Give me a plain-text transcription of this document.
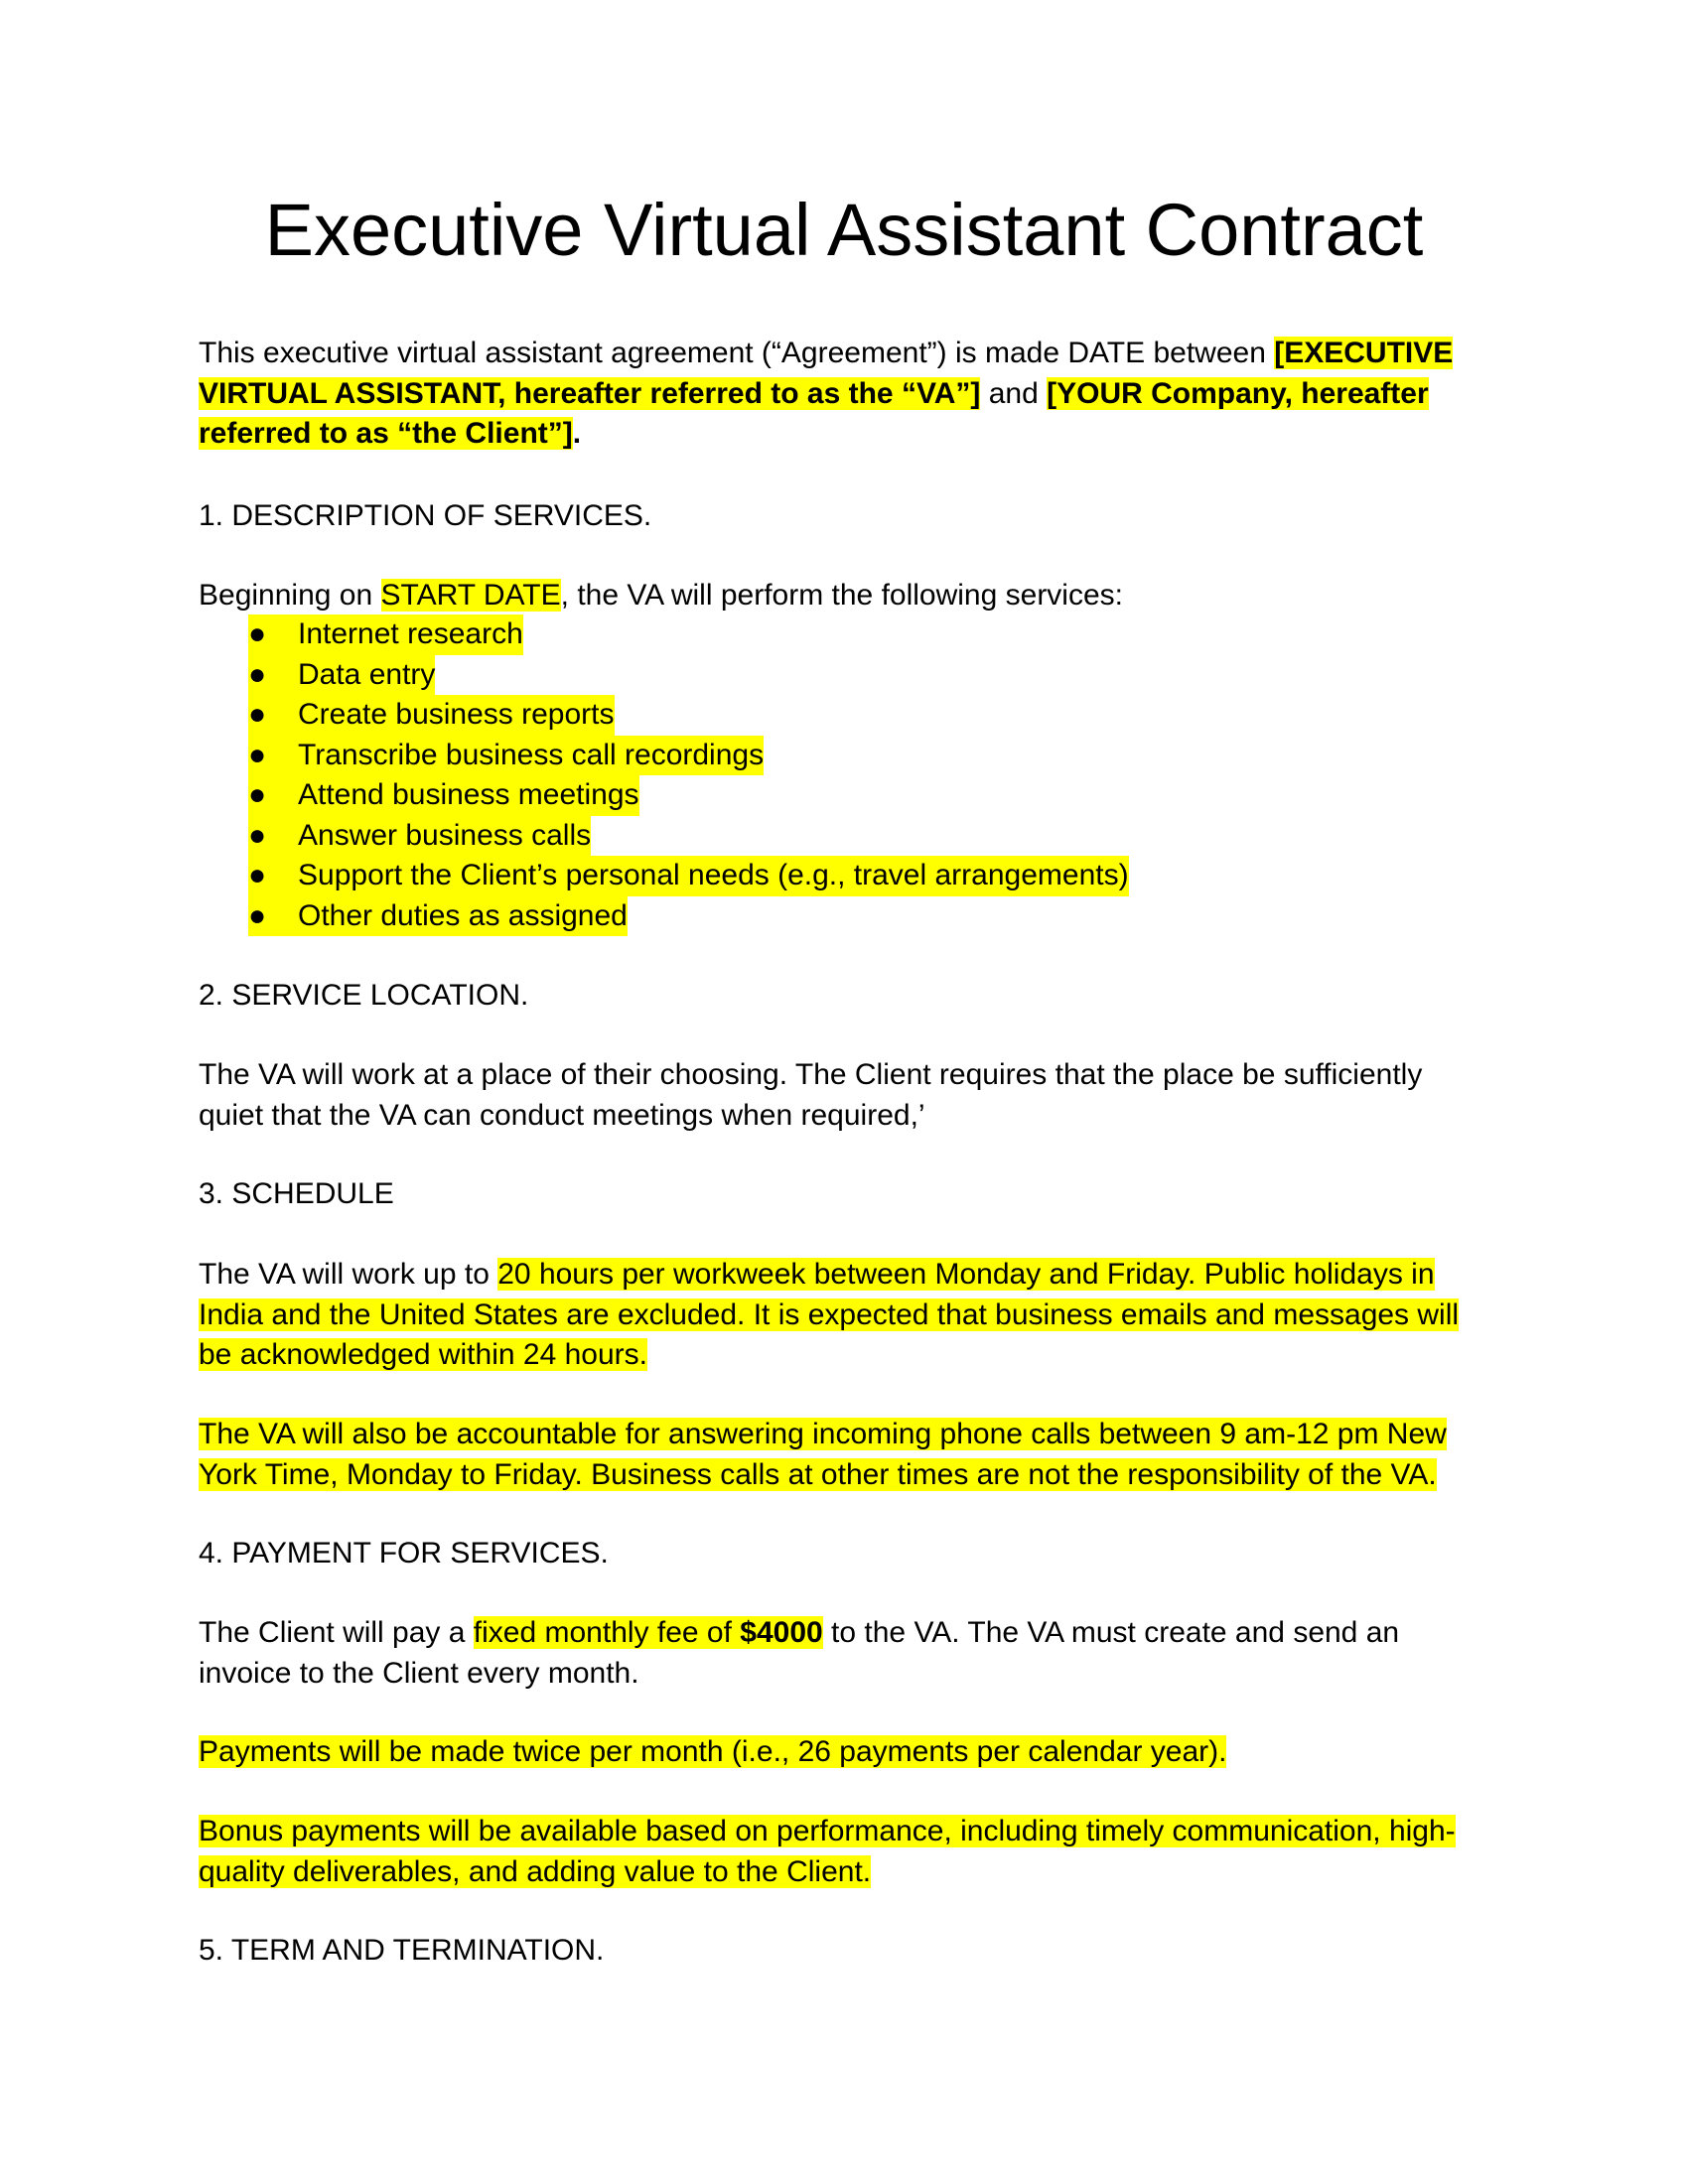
Executive Virtual Assistant Contract

This executive virtual assistant agreement (“Agreement”) is made DATE between [EXECUTIVE VIRTUAL ASSISTANT, hereafter referred to as the “VA”] and [YOUR Company, hereafter referred to as “the Client”].

1. DESCRIPTION OF SERVICES.

Beginning on START DATE, the VA will perform the following services:

● Internet research
● Data entry
● Create business reports
● Transcribe business call recordings
● Attend business meetings
● Answer business calls
● Support the Client’s personal needs (e.g., travel arrangements)
● Other duties as assigned

2. SERVICE LOCATION.

The VA will work at a place of their choosing. The Client requires that the place be sufficiently quiet that the VA can conduct meetings when required,’

3. SCHEDULE

The VA will work up to 20 hours per workweek between Monday and Friday. Public holidays in India and the United States are excluded. It is expected that business emails and messages will be acknowledged within 24 hours.

The VA will also be accountable for answering incoming phone calls between 9 am-12 pm New York Time, Monday to Friday. Business calls at other times are not the responsibility of the VA.

4. PAYMENT FOR SERVICES.

The Client will pay a fixed monthly fee of $4000 to the VA. The VA must create and send an invoice to the Client every month.

Payments will be made twice per month (i.e., 26 payments per calendar year).

Bonus payments will be available based on performance, including timely communication, high-quality deliverables, and adding value to the Client.

5. TERM AND TERMINATION.
